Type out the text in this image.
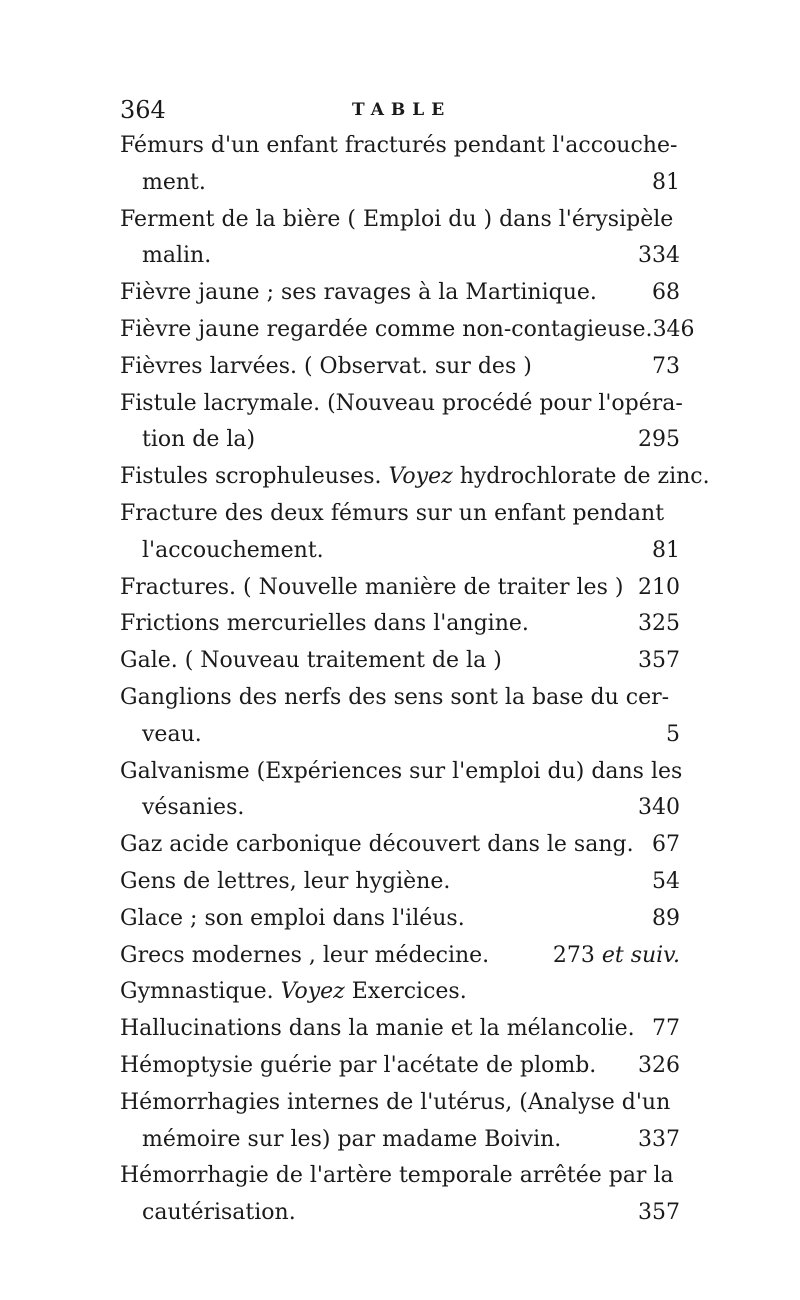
364	TABLE
Fémurs d'un enfant fracturés pendant l'accouche-
ment.	81
Ferment de la bière ( Emploi du ) dans l'érysipèle
malin.	334
Fièvre jaune ; ses ravages à la Martinique.	68
Fièvre jaune regardée comme non-contagieuse. 346
Fièvres larvées. ( Observat. sur des )	73
Fistule lacrymale. (Nouveau procédé pour l'opéra-
tion de la)	295
Fistules scrophuleuses. Voyez hydrochlorate de zinc.
Fracture des deux fémurs sur un enfant pendant
l'accouchement.	81
Fractures. ( Nouvelle manière de traiter les ) 210
Frictions mercurielles dans l'angine.	325
Gale. ( Nouveau traitement de la )	357
Ganglions des nerfs des sens sont la base du cer-
veau.	5
Galvanisme (Expériences sur l'emploi du) dans les
vésanies.	340
Gaz acide carbonique découvert dans le sang. 67
Gens de lettres, leur hygiène.	54
Glace ; son emploi dans l'iléus.	89
Grecs modernes , leur médecine.	273 et suiv.
Gymnastique. Voyez Exercices.
Hallucinations dans la manie et la mélancolie. 77
Hémoptysie guérie par l'acétate de plomb. 326
Hémorrhagies internes de l'utérus, (Analyse d'un
mémoire sur les) par madame Boivin.	337
Hémorrhagie de l'artère temporale arrêtée par la
cautérisation.	357
